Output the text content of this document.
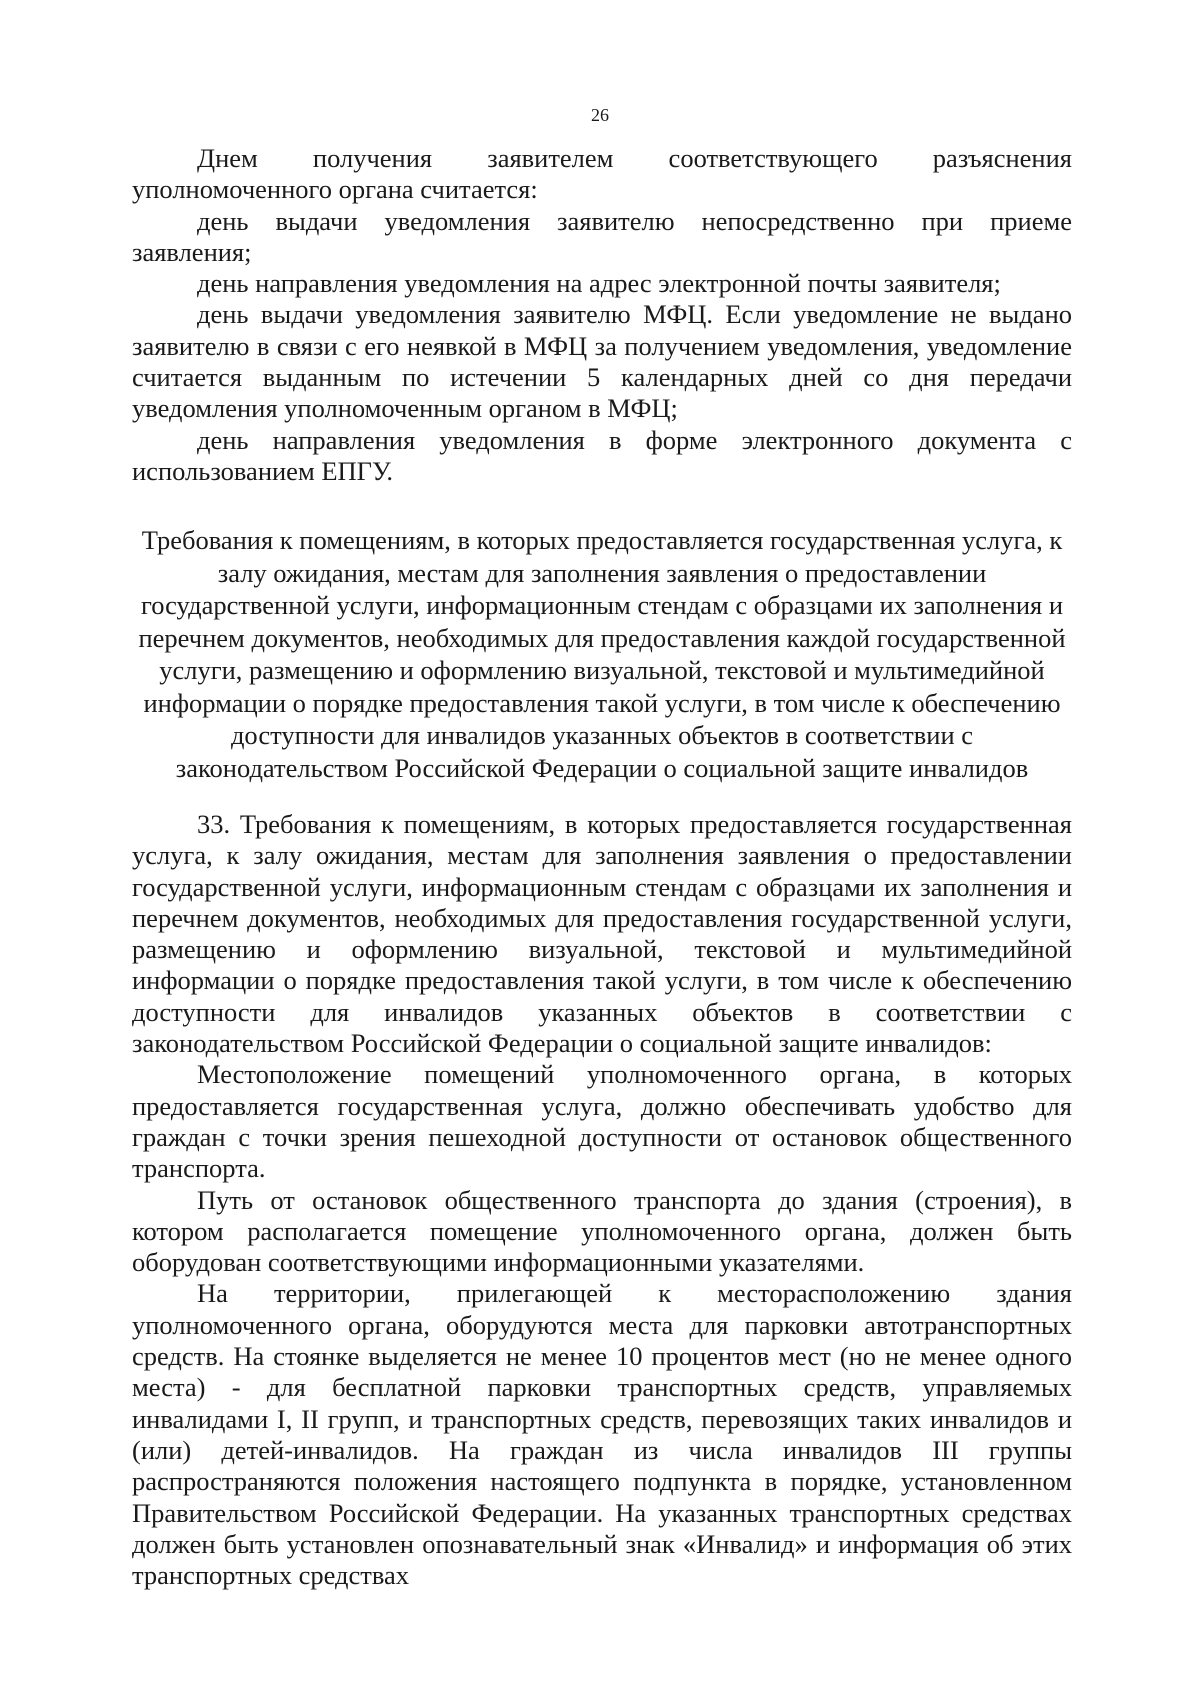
26

Днем получения заявителем соответствующего разъяснения уполномоченного органа считается:

день выдачи уведомления заявителю непосредственно при приеме заявления;

день направления уведомления на адрес электронной почты заявителя;

день выдачи уведомления заявителю МФЦ. Если уведомление не выдано заявителю в связи с его неявкой в МФЦ за получением уведомления, уведомление считается выданным по истечении 5 календарных дней со дня передачи уведомления уполномоченным органом в МФЦ;

день направления уведомления в форме электронного документа с использованием ЕПГУ.

Требования к помещениям, в которых предоставляется государственная услуга, к залу ожидания, местам для заполнения заявления о предоставлении государственной услуги, информационным стендам с образцами их заполнения и перечнем документов, необходимых для предоставления каждой государственной услуги, размещению и оформлению визуальной, текстовой и мультимедийной информации о порядке предоставления такой услуги, в том числе к обеспечению доступности для инвалидов указанных объектов в соответствии с законодательством Российской Федерации о социальной защите инвалидов

33. Требования к помещениям, в которых предоставляется государственная услуга, к залу ожидания, местам для заполнения заявления о предоставлении государственной услуги, информационным стендам с образцами их заполнения и перечнем документов, необходимых для предоставления государственной услуги, размещению и оформлению визуальной, текстовой и мультимедийной информации о порядке предоставления такой услуги, в том числе к обеспечению доступности для инвалидов указанных объектов в соответствии с законодательством Российской Федерации о социальной защите инвалидов:

Местоположение помещений уполномоченного органа, в которых предоставляется государственная услуга, должно обеспечивать удобство для граждан с точки зрения пешеходной доступности от остановок общественного транспорта.

Путь от остановок общественного транспорта до здания (строения), в котором располагается помещение уполномоченного органа, должен быть оборудован соответствующими информационными указателями.

На территории, прилегающей к месторасположению здания уполномоченного органа, оборудуются места для парковки автотранспортных средств. На стоянке выделяется не менее 10 процентов мест (но не менее одного места) - для бесплатной парковки транспортных средств, управляемых инвалидами I, II групп, и транспортных средств, перевозящих таких инвалидов и (или) детей-инвалидов. На граждан из числа инвалидов III группы распространяются положения настоящего подпункта в порядке, установленном Правительством Российской Федерации. На указанных транспортных средствах должен быть установлен опознавательный знак «Инвалид» и информация об этих транспортных средствах
